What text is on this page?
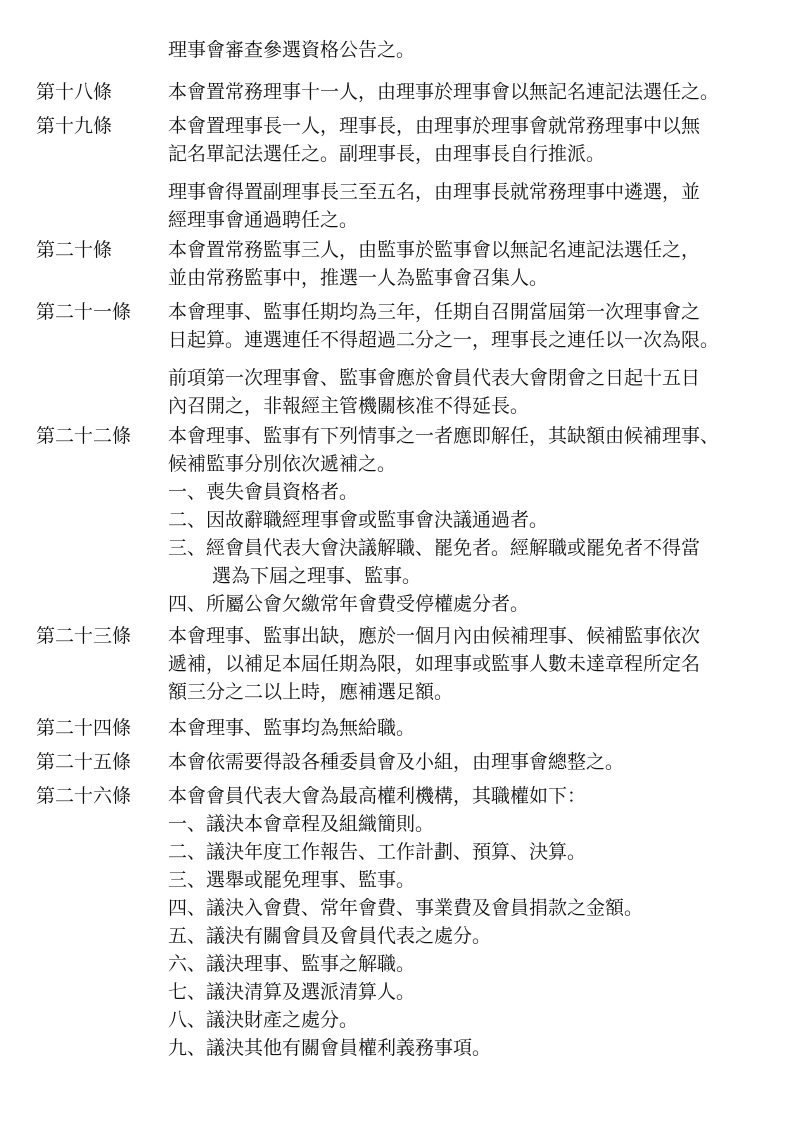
理事會審查參選資格公告之。
第十八條	本會置常務理事十一人，由理事於理事會以無記名連記法選任之。
第十九條	本會置理事長一人，理事長，由理事於理事會就常務理事中以無
記名單記法選任之。副理事長，由理事長自行推派。
理事會得置副理事長三至五名，由理事長就常務理事中遴選，並
經理事會通過聘任之。
第二十條	本會置常務監事三人，由監事於監事會以無記名連記法選任之，
並由常務監事中，推選一人為監事會召集人。
第二十一條 本會理事、監事任期均為三年，任期自召開當屆第一次理事會之
日起算。連選連任不得超過二分之一，理事長之連任以一次為限。
前項第一次理事會、監事會應於會員代表大會閉會之日起十五日
內召開之，非報經主管機關核准不得延長。
第二十二條 本會理事、監事有下列情事之一者應即解任，其缺額由候補理事、
候補監事分別依次遞補之。
一、喪失會員資格者。
二、因故辭職經理事會或監事會決議通過者。
三、經會員代表大會決議解職、罷免者。經解職或罷免者不得當
選為下屆之理事、監事。
四、所屬公會欠繳常年會費受停權處分者。
第二十三條 本會理事、監事出缺，應於一個月內由候補理事、候補監事依次
遞補，以補足本屆任期為限，如理事或監事人數未達章程所定名
額三分之二以上時，應補選足額。
第二十四條 本會理事、監事均為無給職。
第二十五條 本會依需要得設各種委員會及小組，由理事會總整之。
第二十六條 本會會員代表大會為最高權利機構，其職權如下：
一、議決本會章程及組織簡則。
二、議決年度工作報告、工作計劃、預算、決算。
三、選舉或罷免理事、監事。
四、議決入會費、常年會費、事業費及會員捐款之金額。
五、議決有關會員及會員代表之處分。
六、議決理事、監事之解職。
七、議決清算及選派清算人。
八、議決財產之處分。
九、議決其他有關會員權利義務事項。
